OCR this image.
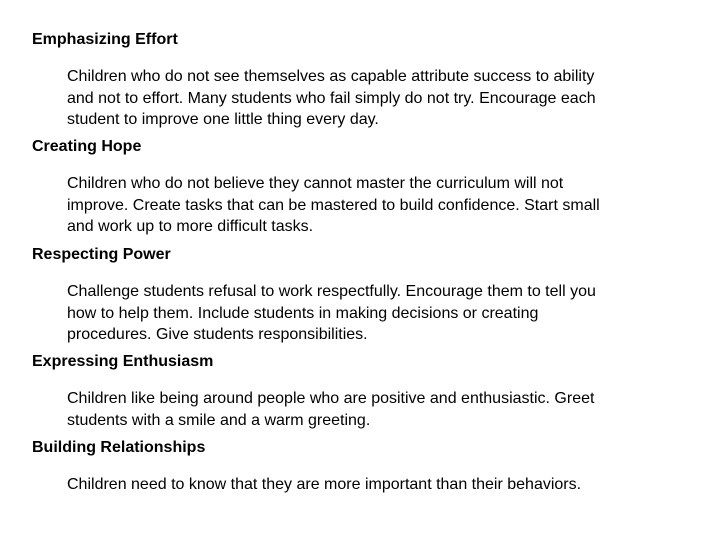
Emphasizing Effort
Children who do not see themselves as capable attribute success to ability
and not to effort. Many students who fail simply do not try. Encourage each
student to improve one little thing every day.
Creating Hope
Children who do not believe they cannot master the curriculum will not
improve. Create tasks that can be mastered to build confidence. Start small
and work up to more difficult tasks.
Respecting Power
Challenge students refusal to work respectfully. Encourage them to tell you
how to help them. Include students in making decisions or creating
procedures. Give students responsibilities.
Expressing Enthusiasm
Children like being around people who are positive and enthusiastic. Greet
students with a smile and a warm greeting.
Building Relationships
Children need to know that they are more important than their behaviors.
